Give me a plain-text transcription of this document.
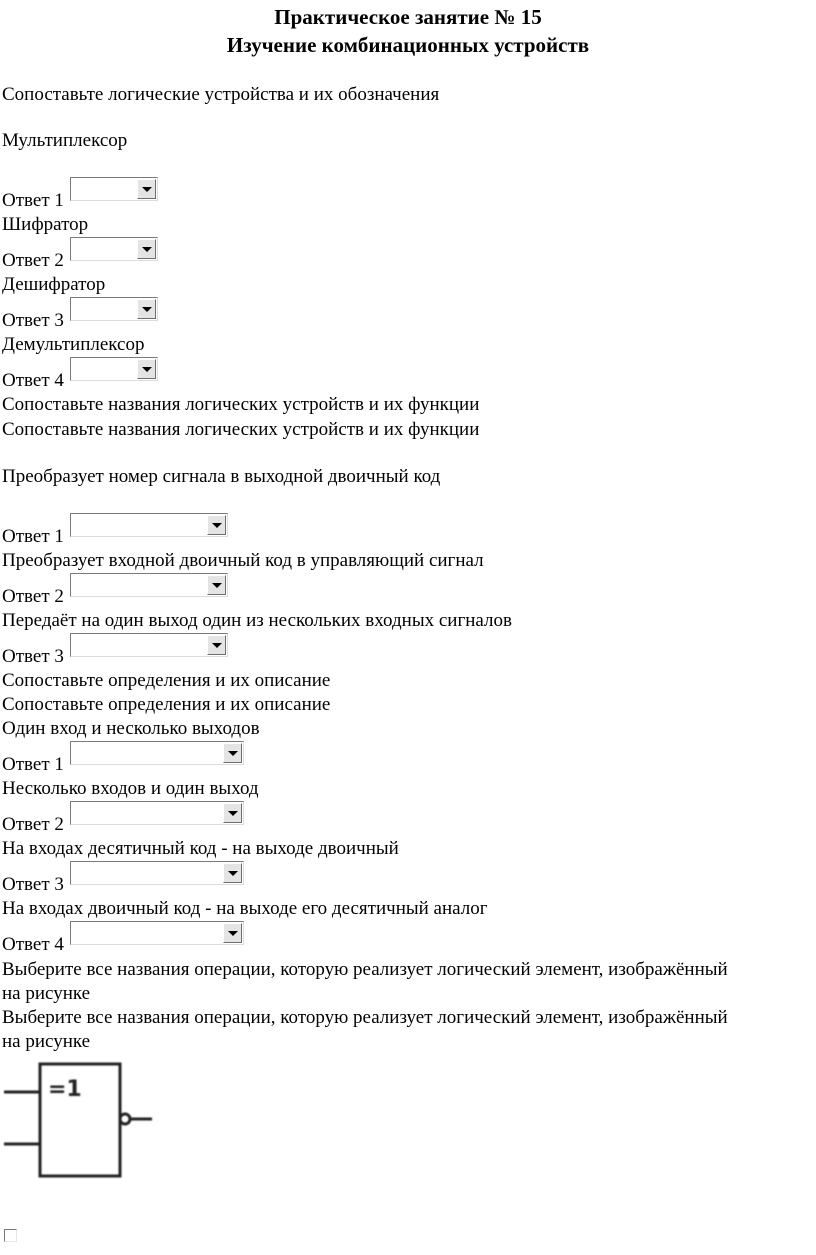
Практическое занятие № 15
Изучение комбинационных устройств
Сопоставьте логические устройства и их обозначения
Мультиплексор
Ответ 1
Шифратор
Ответ 2
Дешифратор
Ответ 3
Демультиплексор
Ответ 4
Сопоставьте названия логических устройств и их функции
Сопоставьте названия логических устройств и их функции
Преобразует номер сигнала в выходной двоичный код
Ответ 1
Преобразует входной двоичный код в управляющий сигнал
Ответ 2
Передаёт на один выход один из нескольких входных сигналов
Ответ 3
Сопоставьте определения и их описание
Сопоставьте определения и их описание
Один вход и несколько выходов
Ответ 1
Несколько входов и один выход
Ответ 2
На входах десятичный код - на выходе двоичный
Ответ 3
На входах двоичный код - на выходе его десятичный аналог
Ответ 4
Выберите все названия операции, которую реализует логический элемент, изображённый
на рисунке
Выберите все названия операции, которую реализует логический элемент, изображённый
на рисунке
=1
